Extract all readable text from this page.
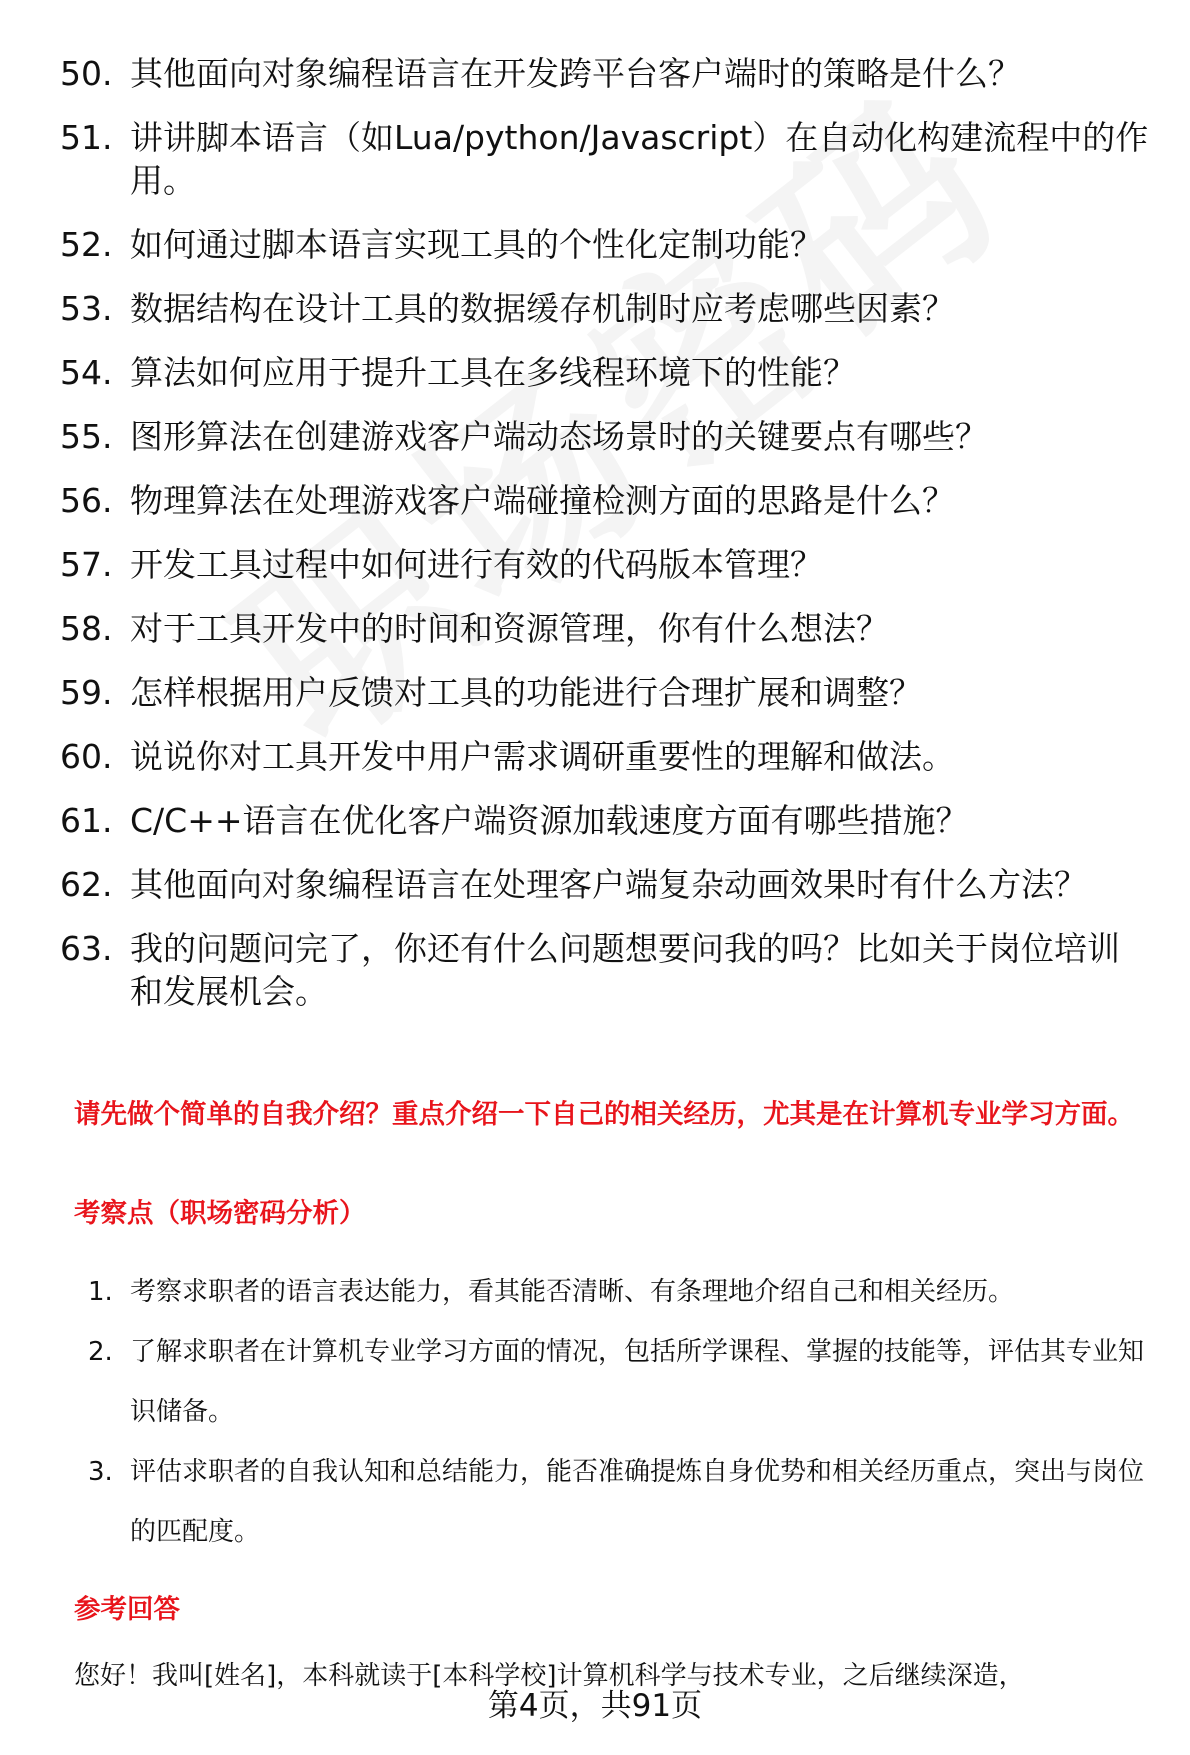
50. 其他面向对象编程语言在开发跨平台客户端时的策略是什么？
51. 讲讲脚本语言（如Lua/python/Javascript）在自动化构建流程中的作用。
52. 如何通过脚本语言实现工具的个性化定制功能？
53. 数据结构在设计工具的数据缓存机制时应考虑哪些因素？
54. 算法如何应用于提升工具在多线程环境下的性能？
55. 图形算法在创建游戏客户端动态场景时的关键要点有哪些？
56. 物理算法在处理游戏客户端碰撞检测方面的思路是什么？
57. 开发工具过程中如何进行有效的代码版本管理？
58. 对于工具开发中的时间和资源管理，你有什么想法？
59. 怎样根据用户反馈对工具的功能进行合理扩展和调整？
60. 说说你对工具开发中用户需求调研重要性的理解和做法。
61. C/C++语言在优化客户端资源加载速度方面有哪些措施？
62. 其他面向对象编程语言在处理客户端复杂动画效果时有什么方法？
63. 我的问题问完了，你还有什么问题想要问我的吗？比如关于岗位培训和发展机会。
请先做个简单的自我介绍？重点介绍一下自己的相关经历，尤其是在计算机专业学习方面。
考察点（职场密码分析）
1. 考察求职者的语言表达能力，看其能否清晰、有条理地介绍自己和相关经历。
2. 了解求职者在计算机专业学习方面的情况，包括所学课程、掌握的技能等，评估其专业知识储备。
3. 评估求职者的自我认知和总结能力，能否准确提炼自身优势和相关经历重点，突出与岗位的匹配度。
参考回答
您好！我叫[姓名]，本科就读于[本科学校]计算机科学与技术专业，之后继续深造，
第4页，共91页
